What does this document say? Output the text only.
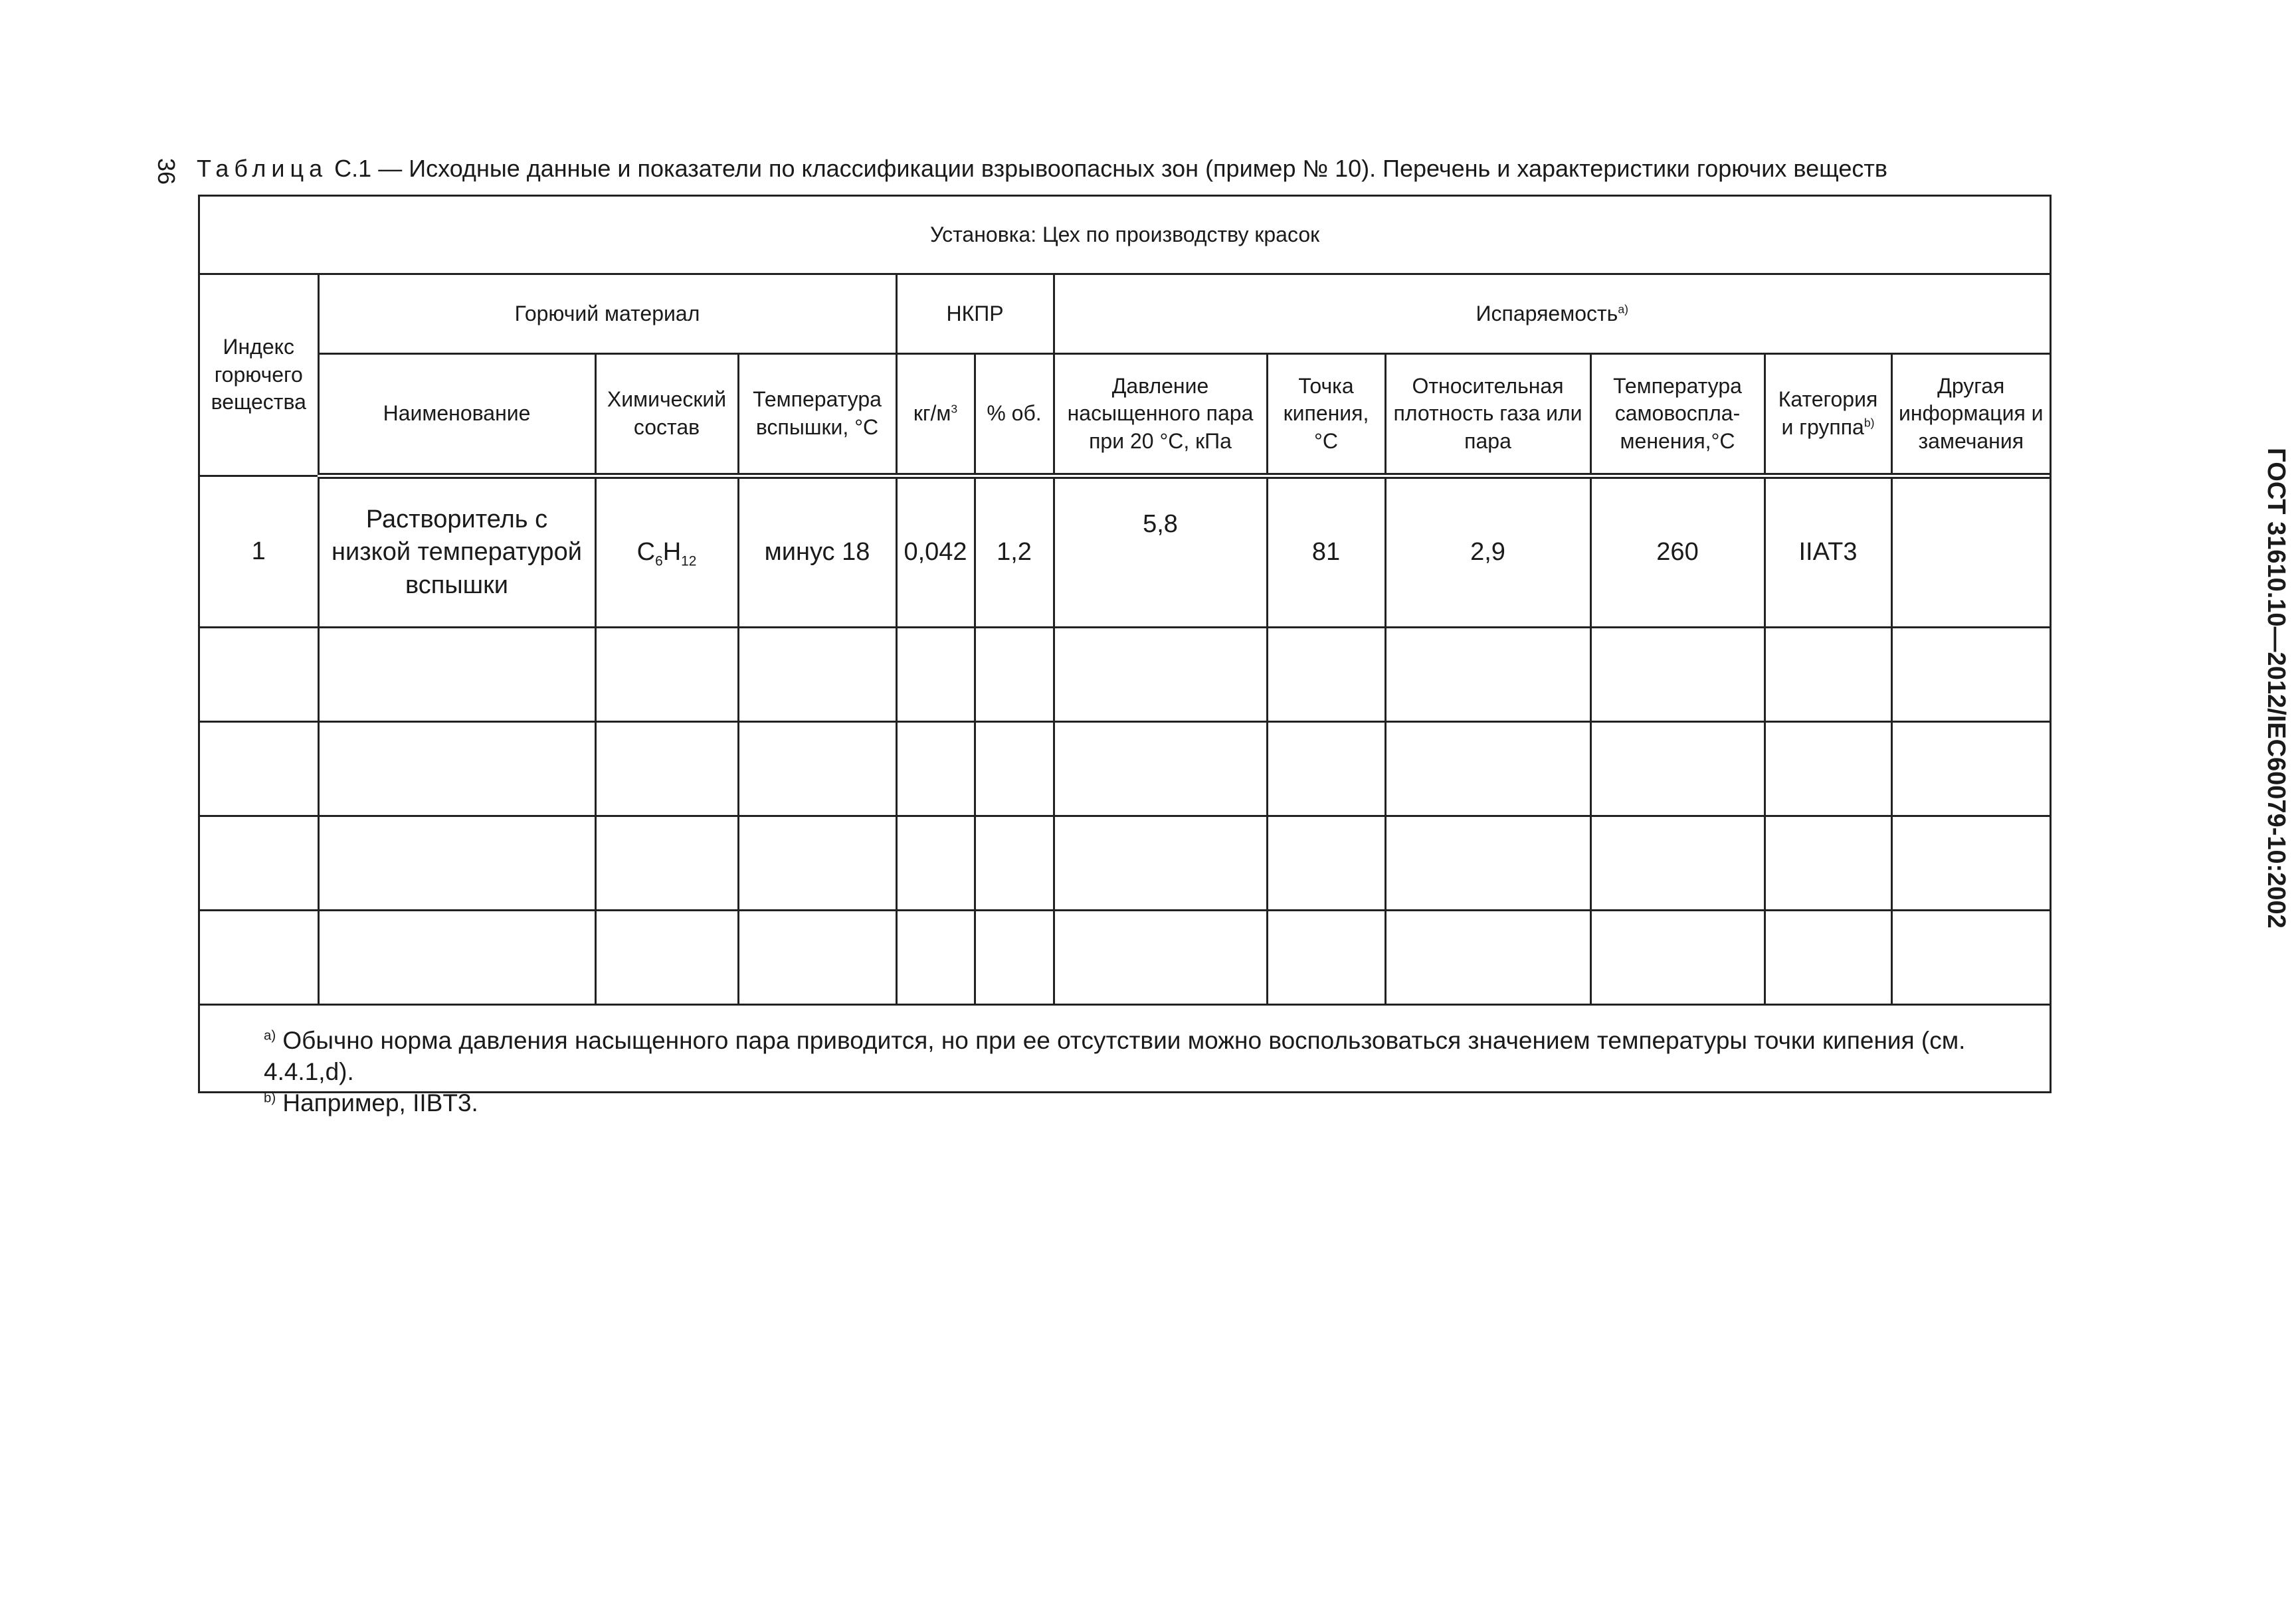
36 Таблица С.1 — Исходные данные и показатели по классификации взрывоопасных зон (пример № 10). Перечень и характеристики горючих веществ
ГОСТ 31610.10—2012/IEC60079-10:2002
Установка: Цех по производству красок											
Индекс горючего вещества	Горючий материал			НКПР		Испаряемость$^{а)}$
	Наименование	Химический состав	Температура вспышки, °С	$кг/м^3$	% об.	Давление насыщенного пара при 20 °С, кПа	Точка кипения, °С	Относительная плотность газа или пара	Температура самовоспла-менения,°С	Категория и группа$^{b)}$	Другая информация и замечания
1	Растворитель с низкой температурой вспышки	$C_6H_{12}$	минус 18	0,042	1,2	5,8	81	2,9	260	IIAT3	

$^{а)}$ Обычно норма давления насыщенного пара приводится, но при ее отсутствии можно воспользоваться значением температуры точки кипения (см. 4.4.1,d).
$^{b)}$ Например, IIBT3.											
